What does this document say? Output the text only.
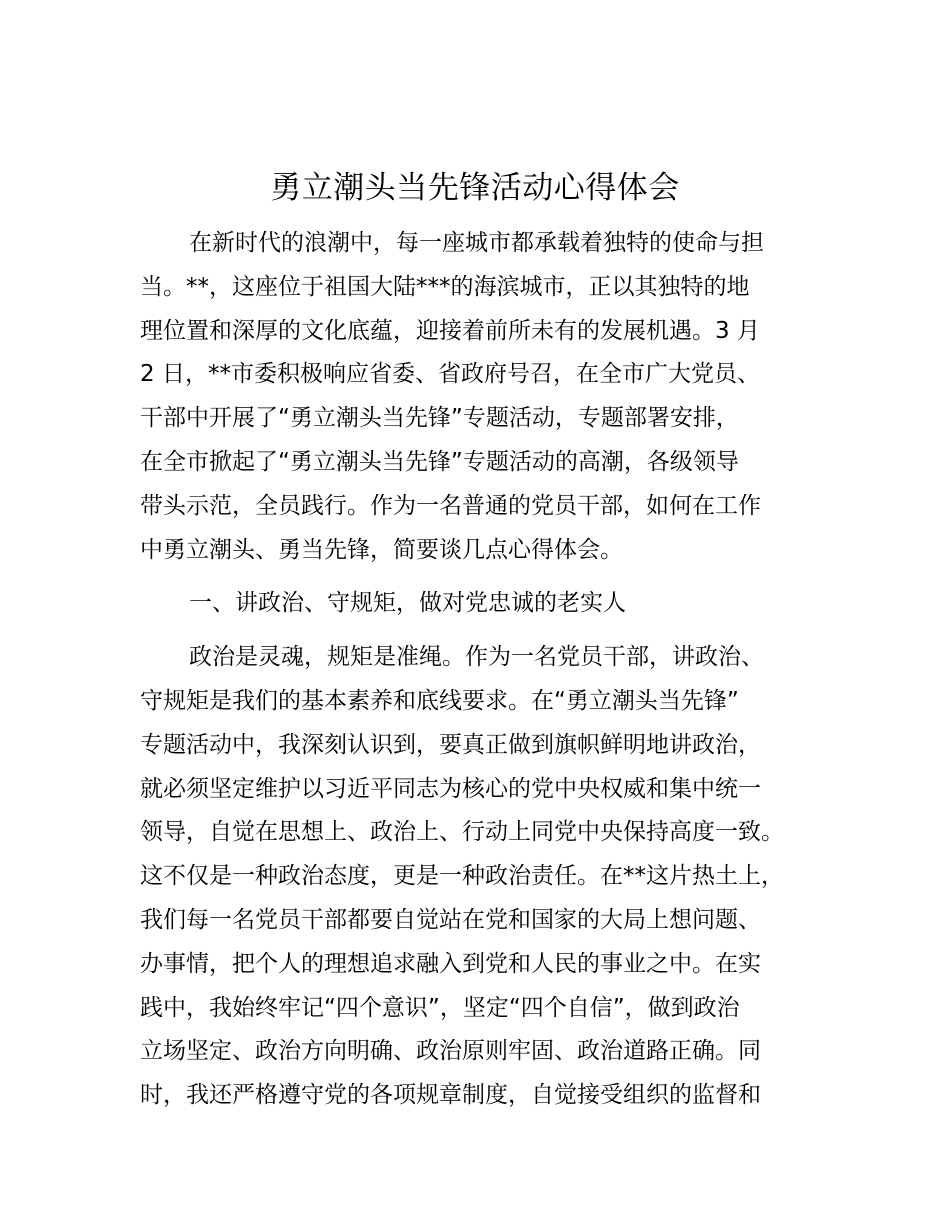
勇立潮头当先锋活动心得体会
在新时代的浪潮中，每一座城市都承载着独特的使命与担
当。**，这座位于祖国大陆***的海滨城市，正以其独特的地
理位置和深厚的文化底蕴，迎接着前所未有的发展机遇。3 月
2 日，**市委积极响应省委、省政府号召，在全市广大党员、
干部中开展了“勇立潮头当先锋”专题活动，专题部署安排，
在全市掀起了“勇立潮头当先锋”专题活动的高潮，各级领导
带头示范，全员践行。作为一名普通的党员干部，如何在工作
中勇立潮头、勇当先锋，简要谈几点心得体会。
一、讲政治、守规矩，做对党忠诚的老实人
政治是灵魂，规矩是准绳。作为一名党员干部，讲政治、
守规矩是我们的基本素养和底线要求。在“勇立潮头当先锋”
专题活动中，我深刻认识到，要真正做到旗帜鲜明地讲政治，
就必须坚定维护以习近平同志为核心的党中央权威和集中统一
领导，自觉在思想上、政治上、行动上同党中央保持高度一致。
这不仅是一种政治态度，更是一种政治责任。在**这片热土上，
我们每一名党员干部都要自觉站在党和国家的大局上想问题、
办事情，把个人的理想追求融入到党和人民的事业之中。在实
践中，我始终牢记“四个意识”，坚定“四个自信”，做到政治
立场坚定、政治方向明确、政治原则牢固、政治道路正确。同
时，我还严格遵守党的各项规章制度，自觉接受组织的监督和
